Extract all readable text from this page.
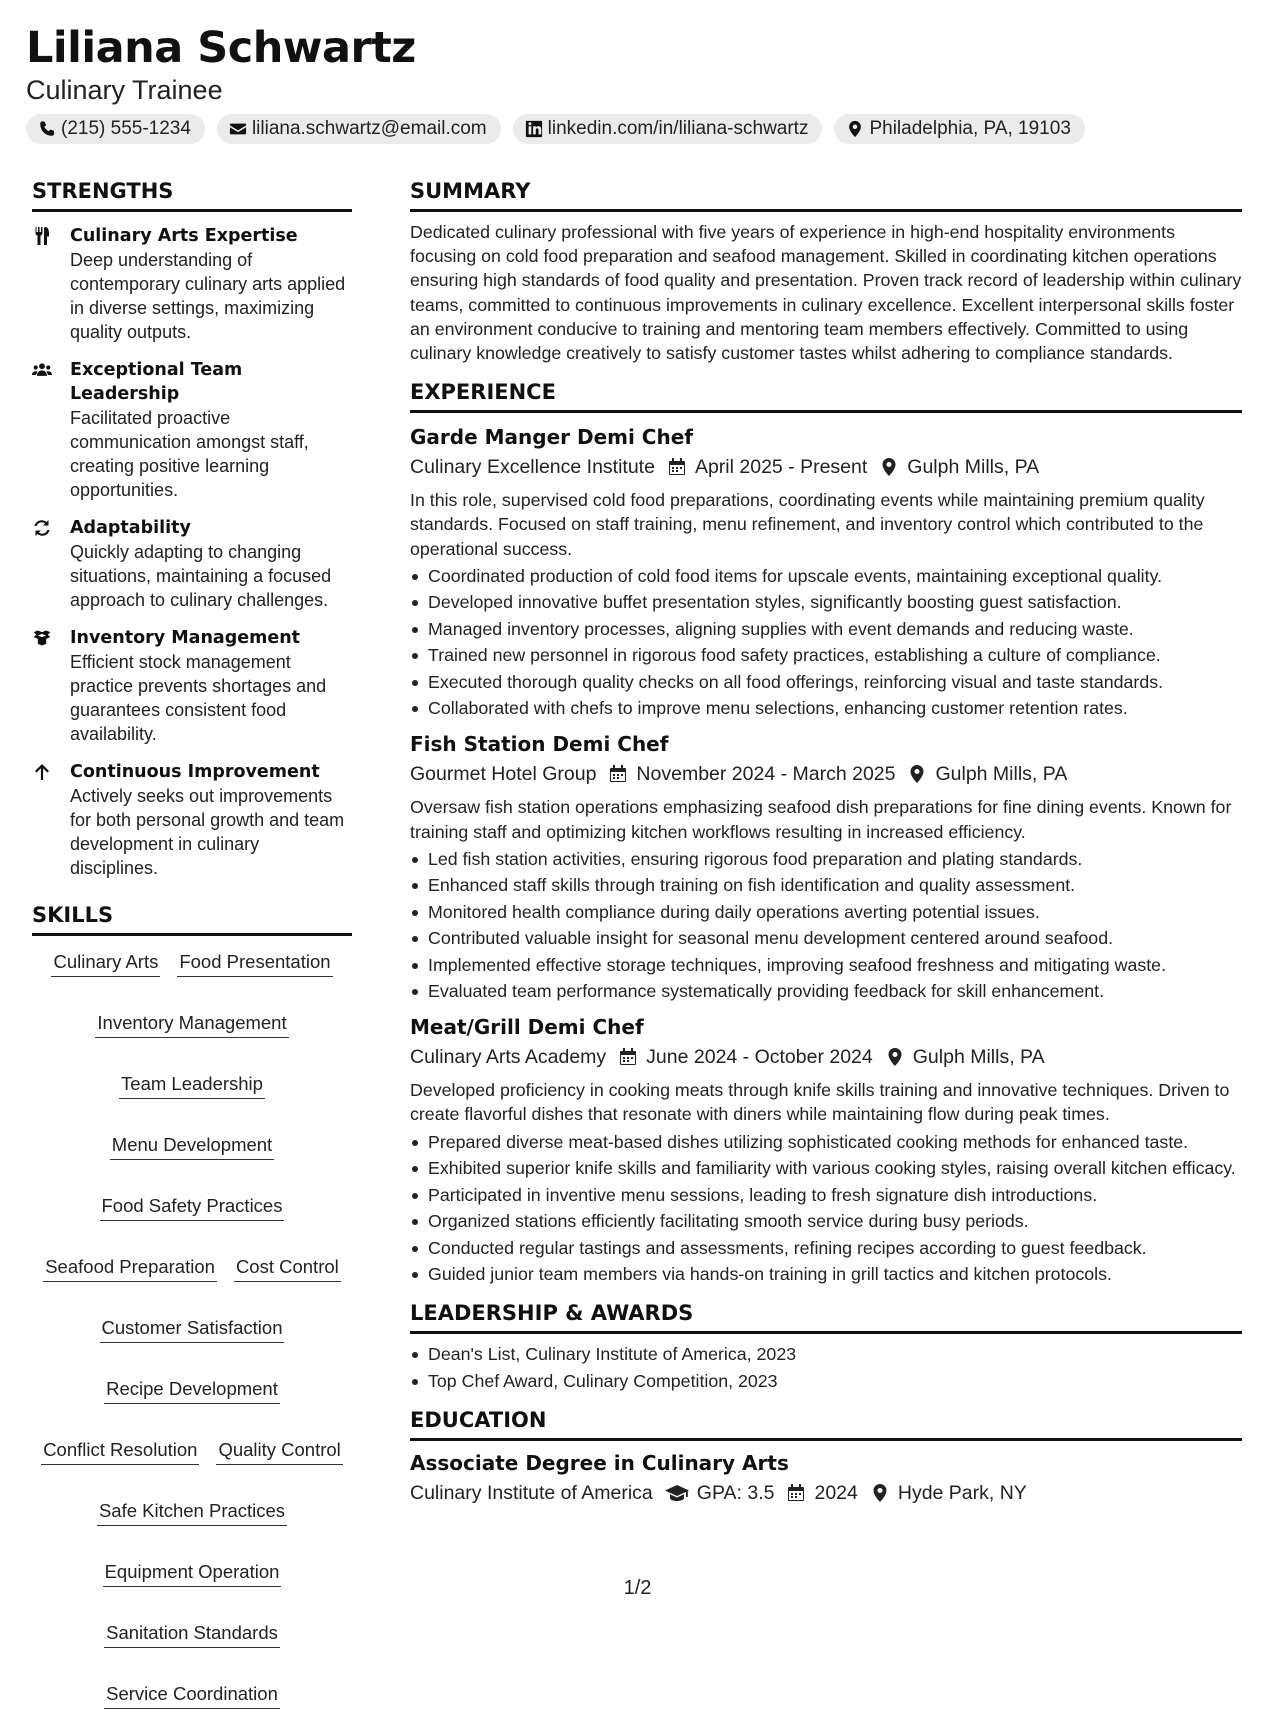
Liliana Schwartz
Culinary Trainee
(215) 555-1234	liliana.schwartz@email.com	linkedin.com/in/liliana-schwartz	Philadelphia, PA, 19103
STRENGTHS
Culinary Arts Expertise
Deep understanding of contemporary culinary arts applied in diverse settings, maximizing quality outputs.
Exceptional Team Leadership
Facilitated proactive communication amongst staff, creating positive learning opportunities.
Adaptability
Quickly adapting to changing situations, maintaining a focused approach to culinary challenges.
Inventory Management
Efficient stock management practice prevents shortages and guarantees consistent food availability.
Continuous Improvement
Actively seeks out improvements for both personal growth and team development in culinary disciplines.
SKILLS
Culinary Arts Food Presentation
Inventory Management
Team Leadership
Menu Development
Food Safety Practices
Seafood Preparation Cost Control
Customer Satisfaction
Recipe Development
Conflict Resolution Quality Control
Safe Kitchen Practices
Equipment Operation
Sanitation Standards
Service Coordination
SUMMARY
Dedicated culinary professional with five years of experience in high-end hospitality environments focusing on cold food preparation and seafood management. Skilled in coordinating kitchen operations ensuring high standards of food quality and presentation. Proven track record of leadership within culinary teams, committed to continuous improvements in culinary excellence. Excellent interpersonal skills foster an environment conducive to training and mentoring team members effectively. Committed to using culinary knowledge creatively to satisfy customer tastes whilst adhering to compliance standards.
EXPERIENCE
Garde Manger Demi Chef
Culinary Excellence Institute April 2025 - Present Gulph Mills, PA
In this role, supervised cold food preparations, coordinating events while maintaining premium quality standards. Focused on staff training, menu refinement, and inventory control which contributed to the operational success.
Coordinated production of cold food items for upscale events, maintaining exceptional quality.
Developed innovative buffet presentation styles, significantly boosting guest satisfaction.
Managed inventory processes, aligning supplies with event demands and reducing waste.
Trained new personnel in rigorous food safety practices, establishing a culture of compliance.
Executed thorough quality checks on all food offerings, reinforcing visual and taste standards.
Collaborated with chefs to improve menu selections, enhancing customer retention rates.
Fish Station Demi Chef
Gourmet Hotel Group November 2024 - March 2025 Gulph Mills, PA
Oversaw fish station operations emphasizing seafood dish preparations for fine dining events. Known for training staff and optimizing kitchen workflows resulting in increased efficiency.
Led fish station activities, ensuring rigorous food preparation and plating standards.
Enhanced staff skills through training on fish identification and quality assessment.
Monitored health compliance during daily operations averting potential issues.
Contributed valuable insight for seasonal menu development centered around seafood.
Implemented effective storage techniques, improving seafood freshness and mitigating waste.
Evaluated team performance systematically providing feedback for skill enhancement.
Meat/Grill Demi Chef
Culinary Arts Academy June 2024 - October 2024 Gulph Mills, PA
Developed proficiency in cooking meats through knife skills training and innovative techniques. Driven to create flavorful dishes that resonate with diners while maintaining flow during peak times.
Prepared diverse meat-based dishes utilizing sophisticated cooking methods for enhanced taste.
Exhibited superior knife skills and familiarity with various cooking styles, raising overall kitchen efficacy.
Participated in inventive menu sessions, leading to fresh signature dish introductions.
Organized stations efficiently facilitating smooth service during busy periods.
Conducted regular tastings and assessments, refining recipes according to guest feedback.
Guided junior team members via hands-on training in grill tactics and kitchen protocols.
LEADERSHIP & AWARDS
Dean's List, Culinary Institute of America, 2023
Top Chef Award, Culinary Competition, 2023
EDUCATION
Associate Degree in Culinary Arts
Culinary Institute of America GPA: 3.5 2024 Hyde Park, NY
1/2
